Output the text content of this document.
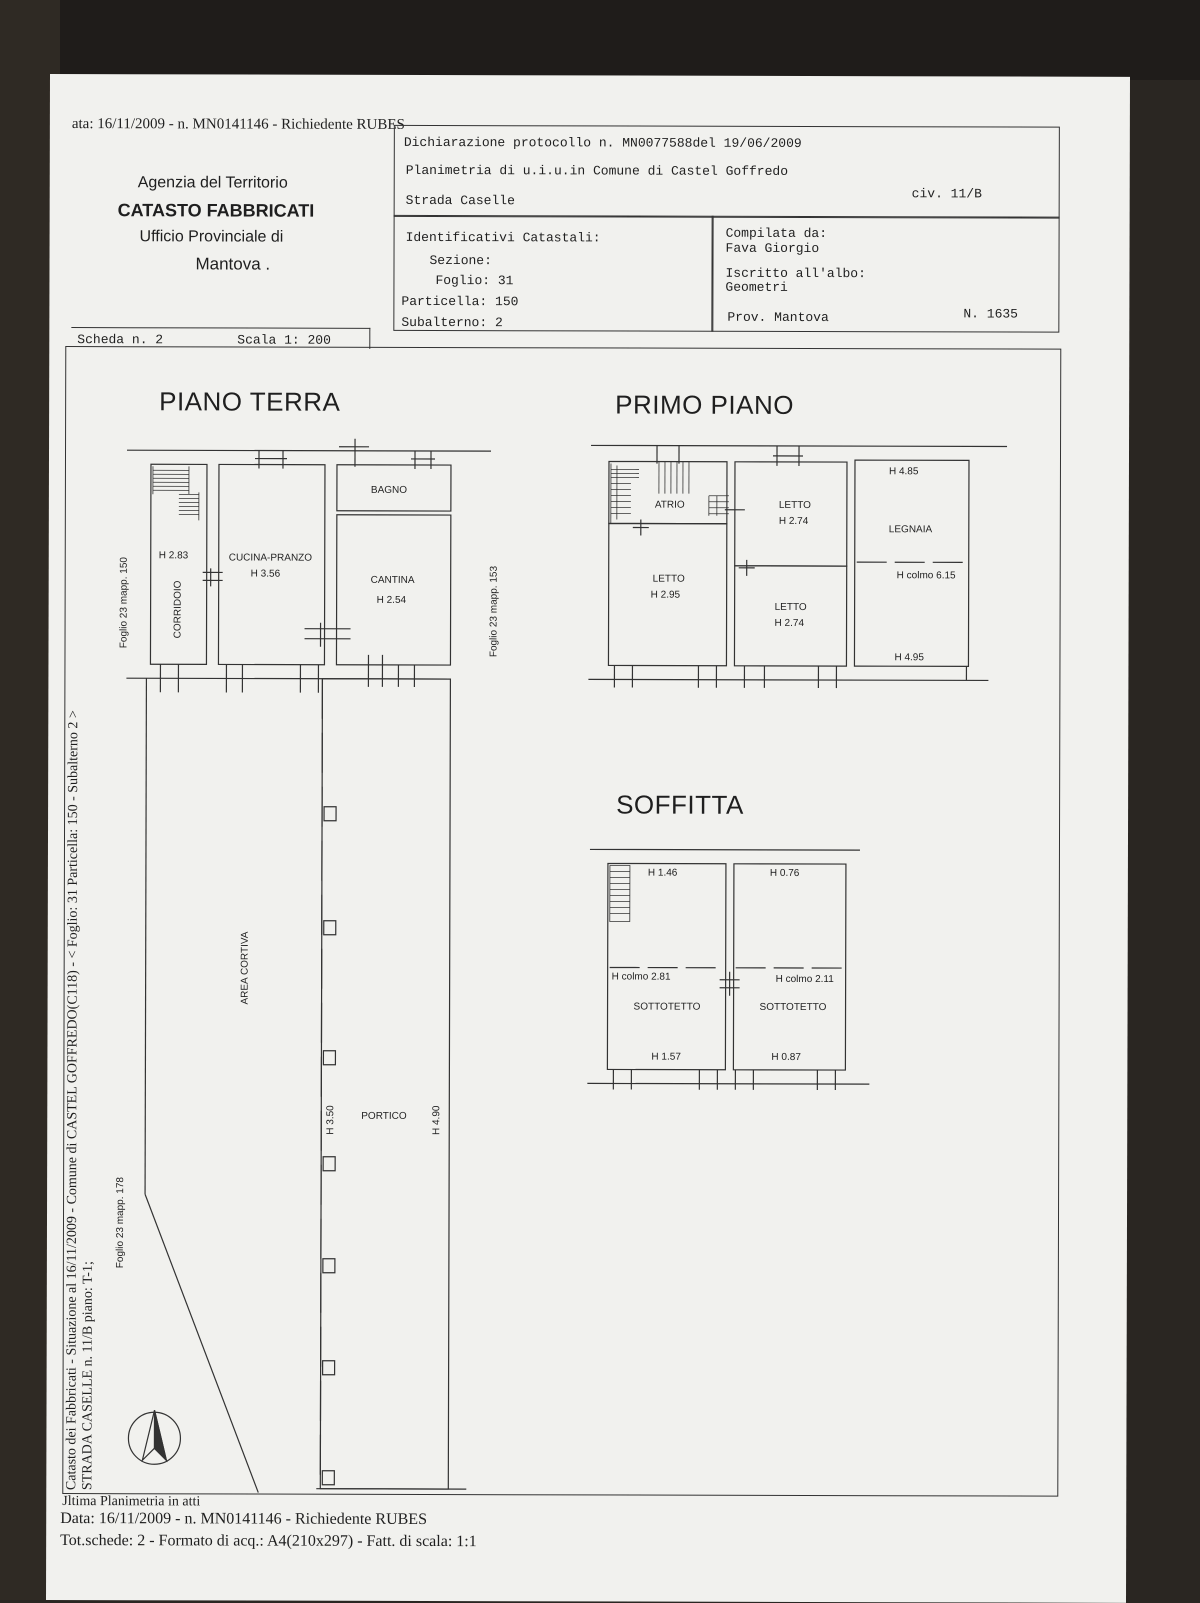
ata: 16/11/2009 - n. MN0141146 - Richiedente RUBES
Agenzia del Territorio
CATASTO FABBRICATI
Ufficio Provinciale di
Mantova .
Dichiarazione protocollo n. MN0077588del 19/06/2009
Planimetria di u.i.u.in Comune di Castel Goffredo
Strada Caselle	civ. 11/B
Identificativi Catastali:
Sezione:
Foglio: 31
Particella: 150
Subalterno: 2
Compilata da:
Fava Giorgio
Iscritto all'albo:
Geometri
Prov. Mantova	N. 1635
Scheda n. 2	Scala 1: 200
PIANO TERRA	PRIMO PIANO
SOFFITTA
BAGNO
CUCINA-PRANZO
H 3.56
H 2.83
CORRIDOIO
CANTINA
H 2.54
AREA CORTIVA
PORTICO
H 3.50	H 4.90
ATRIO
LETTO
H 2.95
LETTO
H 2.74
LETTO
H 2.74
H 4.85
LEGNAIA
H colmo 6.15
H 4.95
H 1.46
H colmo 2.81
SOTTOTETTO
H 1.57
H 0.76
H colmo 2.11
SOTTOTETTO
H 0.87
Foglio 23 mapp. 150	Foglio 23 mapp. 153
Foglio 23 mapp. 178
Catasto dei Fabbricati - Situazione al 16/11/2009 - Comune di CASTEL GOFFREDO(C118) - < Foglio: 31 Particella: 150 - Subalterno 2 >
STRADA CASELLE n. 11/B piano: T-1;
Jltima Planimetria in atti
Data: 16/11/2009 - n. MN0141146 - Richiedente RUBES
Tot.schede: 2 - Formato di acq.: A4(210x297) - Fatt. di scala: 1:1
